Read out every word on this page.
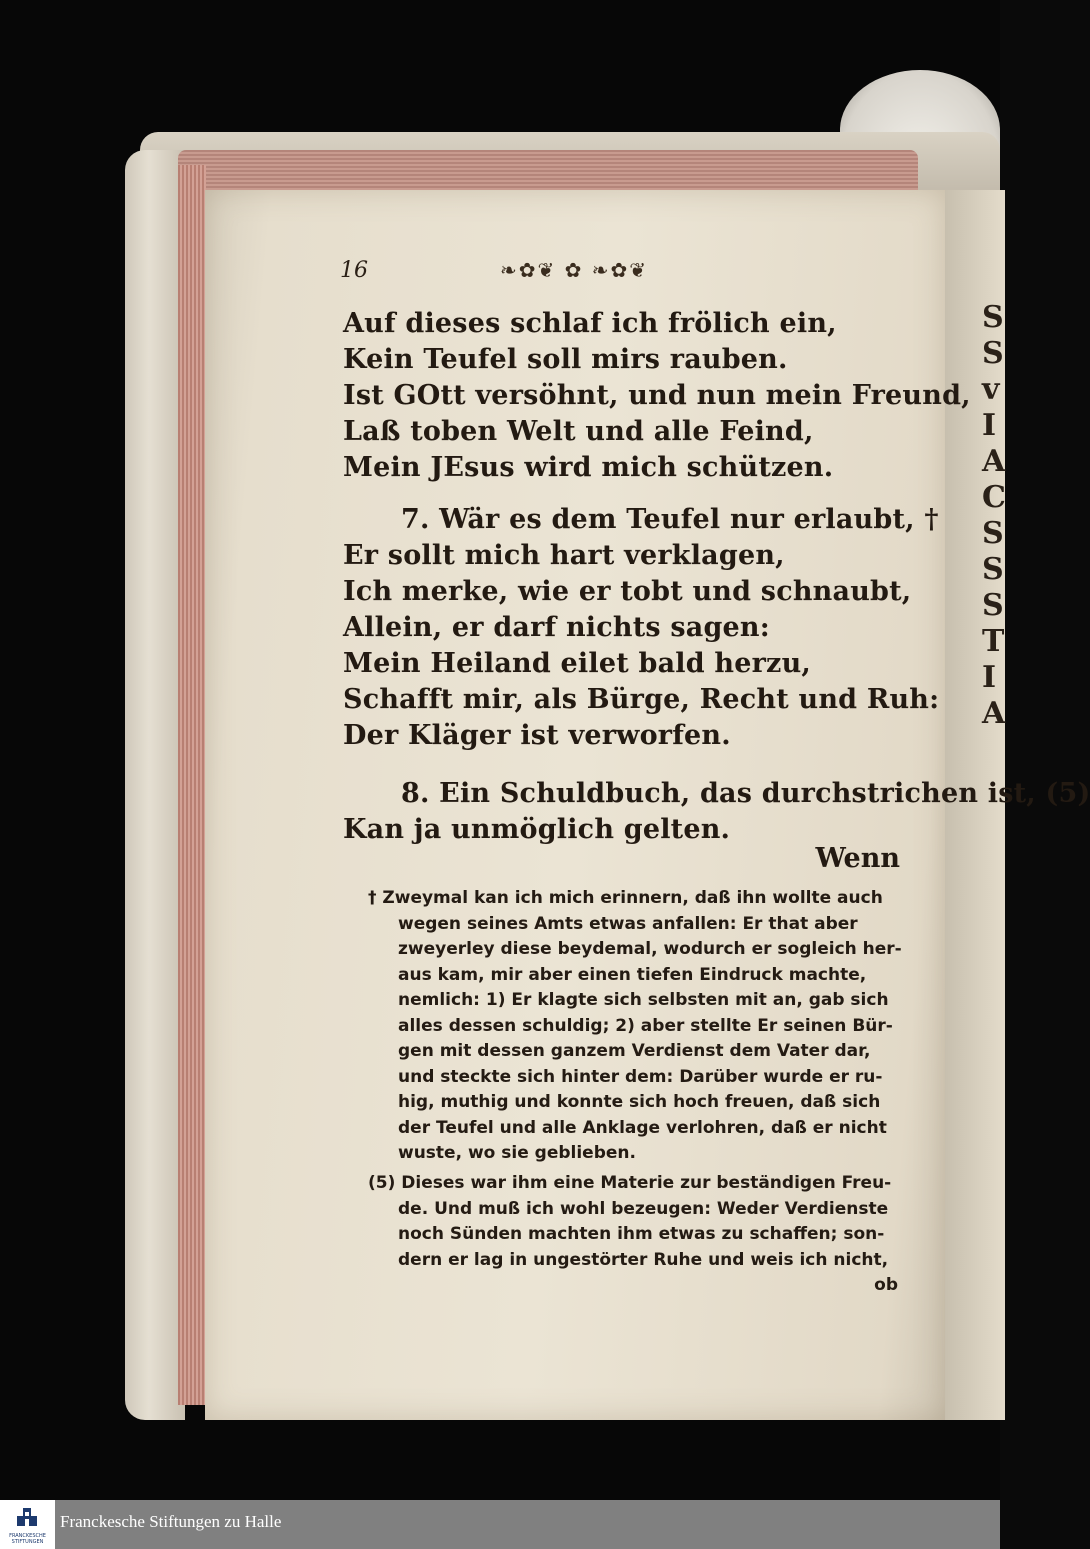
S
S
v
I
A
C
S
S
S
T
I
A
16	❧✿❦ ✿ ❧✿❦
Auf dieses schlaf ich frölich ein,
Kein Teufel soll mirs rauben.
Ist GOtt versöhnt, und nun mein Freund,
Laß toben Welt und alle Feind,
Mein JEsus wird mich schützen.
7. Wär es dem Teufel nur erlaubt, †
Er sollt mich hart verklagen,
Ich merke, wie er tobt und schnaubt,
Allein, er darf nichts sagen:
Mein Heiland eilet bald herzu,
Schafft mir, als Bürge, Recht und Ruh:
Der Kläger ist verworfen.
8. Ein Schuldbuch, das durchstrichen ist, (5)
Kan ja unmöglich gelten.
Wenn
† Zweymal kan ich mich erinnern, daß ihn wollte auch
wegen seines Amts etwas anfallen: Er that aber
zweyerley diese beydemal, wodurch er sogleich her-
aus kam, mir aber einen tiefen Eindruck machte,
nemlich: 1) Er klagte sich selbsten mit an, gab sich
alles dessen schuldig; 2) aber stellte Er seinen Bür-
gen mit dessen ganzem Verdienst dem Vater dar,
und steckte sich hinter dem: Darüber wurde er ru-
hig, muthig und konnte sich hoch freuen, daß sich
der Teufel und alle Anklage verlohren, daß er nicht
wuste, wo sie geblieben.
(5) Dieses war ihm eine Materie zur beständigen Freu-
de. Und muß ich wohl bezeugen: Weder Verdienste
noch Sünden machten ihm etwas zu schaffen; son-
dern er lag in ungestörter Ruhe und weis ich nicht,
ob
FRANCKESCHE STIFTUNGEN
Franckesche Stiftungen zu Halle
